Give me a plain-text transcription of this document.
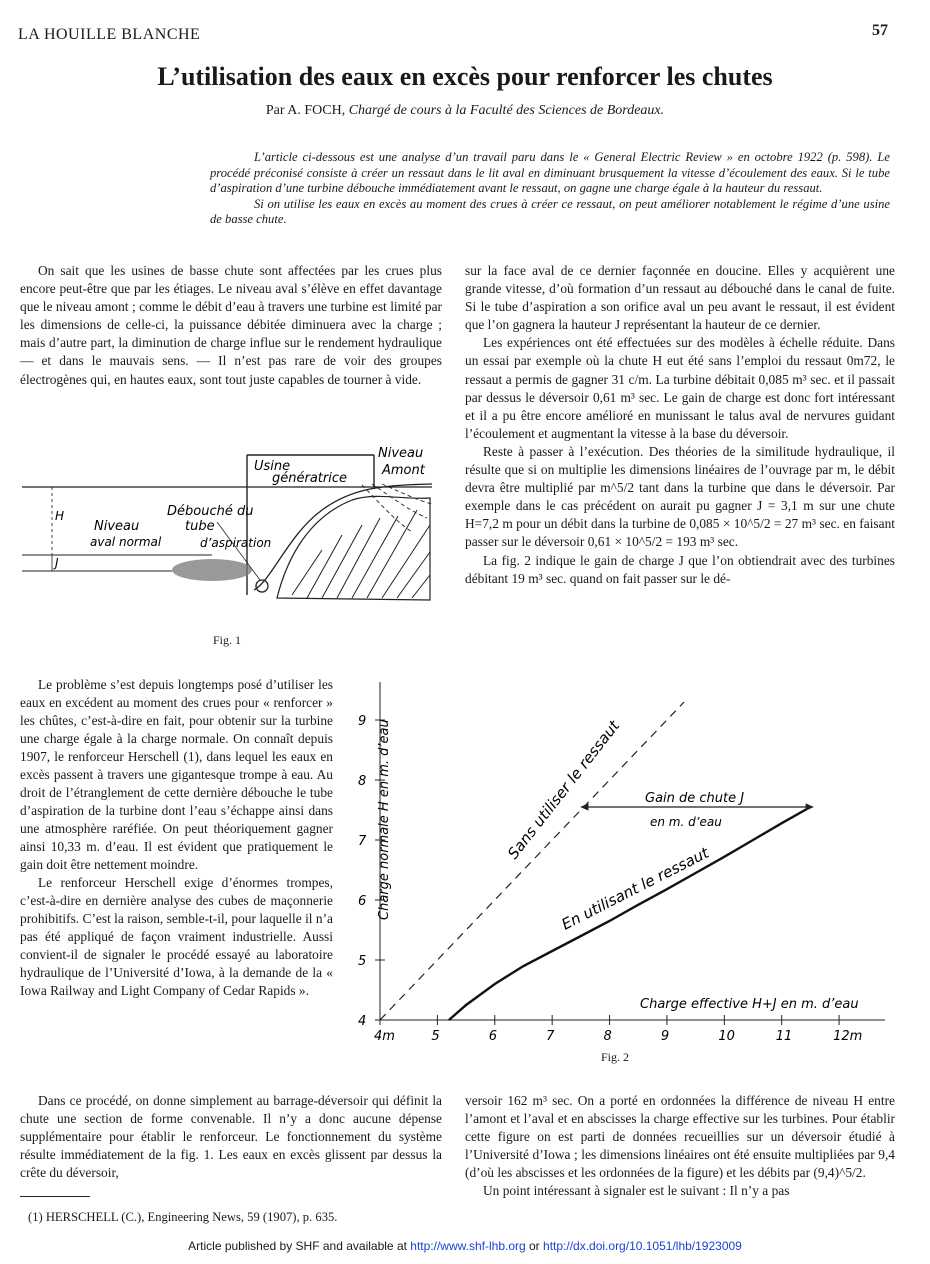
LA HOUILLE BLANCHE	57
L’utilisation des eaux en excès pour renforcer les chutes
Par A. FOCH, Chargé de cours à la Faculté des Sciences de Bordeaux.

L’article ci-dessous est une analyse d’un travail paru dans le « General Electric Review » en octobre 1922 (p. 598). Le procédé préconisé consiste à créer un ressaut dans le lit aval en diminuant brusquement la vitesse d’écoulement des eaux. Si le tube d’aspiration d’une turbine débouche immédiatement avant le ressaut, on gagne une charge égale à la hauteur du ressaut.

Si on utilise les eaux en excès au moment des crues à créer ce ressaut, on peut améliorer notablement le régime d’une usine de basse chute.

On sait que les usines de basse chute sont affectées par les crues plus encore peut-être que par les étiages. Le niveau aval s’élève en effet davantage que le niveau amont ; comme le débit d’eau à travers une turbine est limité par les dimensions de celle-ci, la puissance débitée diminuera avec la charge ; mais d’autre part, la diminution de charge influe sur le rendement hydraulique — et dans le mauvais sens. — Il n’est pas rare de voir des groupes électrogènes qui, en hautes eaux, sont tout juste capables de tourner à vide.

sur la face aval de ce dernier façonnée en doucine. Elles y acquièrent une grande vitesse, d’où formation d’un ressaut au débouché dans le canal de fuite. Si le tube d’aspiration a son orifice aval un peu avant le ressaut, il est évident que l’on gagnera la hauteur J représentant la hauteur de ce dernier.

Les expériences ont été effectuées sur des modèles à échelle réduite. Dans un essai par exemple où la chute H eut été sans l’emploi du ressaut 0m72, le ressaut a permis de gagner 31 c/m. La turbine débitait 0,085 m³ sec. et il passait par dessus le déversoir 0,61 m³ sec. Le gain de charge est donc fort intéressant et il a pu être encore amélioré en munissant le talus aval de nervures guidant l’écoulement et augmentant la vitesse à la base du déversoir.

Reste à passer à l’exécution. Des théories de la similitude hydraulique, il résulte que si on multiplie les dimensions linéaires de l’ouvrage par m, le débit devra être multiplié par m^5/2 tant dans la turbine que dans le déversoir. Par exemple dans le cas précédent on aurait pu gagner J = 3,1 m sur une chute H=7,2 m pour un débit dans la turbine de 0,085 × 10^5/2 = 27 m³ sec. en faisant passer sur le déversoir 0,61 × 10^5/2 = 193 m³ sec.

La fig. 2 indique le gain de charge J que l’on obtiendrait avec des turbines débitant 19 m³ sec. quand on fait passer sur le dé-

Usine
génératrice
Niveau
Amont
Débouché du
tube
d’aspiration
Niveau
aval normal
H
J
Fig. 1

Le problème s’est depuis longtemps posé d’utiliser les eaux en excédent au moment des crues pour « renforcer » les chûtes, c’est-à-dire en fait, pour obtenir sur la turbine une charge égale à la charge normale. On connaît depuis 1907, le renforceur Herschell (1), dans lequel les eaux en excès passent à travers une gigantesque trompe à eau. Au droit de l’étranglement de cette dernière débouche le tube d’aspiration de la turbine dont l’eau s’échappe ainsi dans une atmosphère raréfiée. On peut théoriquement gagner ainsi 10,33 m. d’eau. Il est évident que pratiquement le gain doit être nettement moindre.

Le renforceur Herschell exige d’énormes trompes, c’est-à-dire en dernière analyse des cubes de maçonnerie prohibitifs. C’est la raison, semble-t-il, pour laquelle il n’a pas été appliqué de façon vraiment industrielle. Aussi convient-il de signaler le procédé essayé au laboratoire hydraulique de l’Université d’Iowa, à la demande de la « Iowa Railway and Light Company of Cedar Rapids ».

4m	5	6	7	8	9	10	11	12m
4
5
6
7
8
9 Charge normale H en m. d’eau
Charge effective H+J en m. d’eau
Sans utiliser le ressaut
En utilisant le ressaut
Gain de chute J
en m. d’eau
Fig. 2

Dans ce procédé, on donne simplement au barrage-déversoir qui définit la chute une section de forme convenable. Il n’y a donc aucune dépense supplémentaire pour établir le renforceur. Le fonctionnement du système résulte immédiatement de la fig. 1. Les eaux en excès glissent par dessus la crête du déversoir,

versoir 162 m³ sec. On a porté en ordonnées la différence de niveau H entre l’amont et l’aval et en abscisses la charge effective sur les turbines. Pour établir cette figure on est parti de données recueillies sur un déversoir étudié à l’Université d’Iowa ; les dimensions linéaires ont été ensuite multipliées par 9,4 (d’où les abscisses et les ordonnées de la figure) et les débits par (9,4)^5/2.

Un point intéressant à signaler est le suivant : Il n’y a pas

(1) HERSCHELL (C.), Engineering News, 59 (1907), p. 635.
Article published by SHF and available at http://www.shf-lhb.org or http://dx.doi.org/10.1051/lhb/1923009
